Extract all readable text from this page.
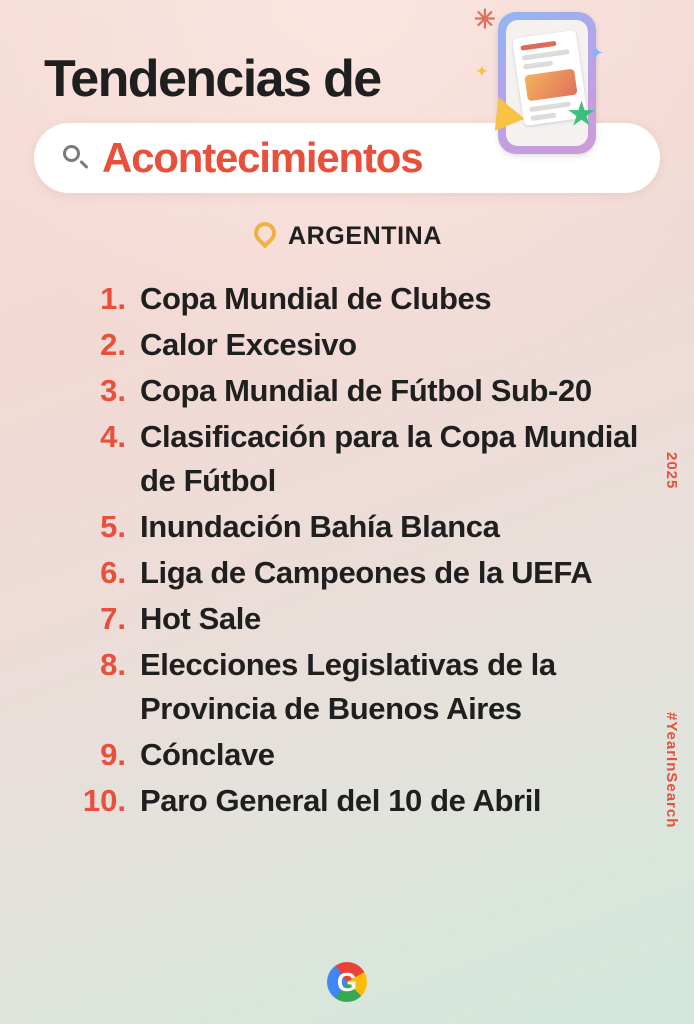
Tendencias de
✳
✦
★
✦
Acontecimientos
ARGENTINA
1. Copa Mundial de Clubes
2. Calor Excesivo
3. Copa Mundial de Fútbol Sub-20
4. Clasificación para la Copa Mundial de Fútbol
5. Inundación Bahía Blanca
6. Liga de Campeones de la UEFA
7. Hot Sale
8. Elecciones Legislativas de la Provincia de Buenos Aires
9. Cónclave
10. Paro General del 10 de Abril
2025
#YearInSearch
G
